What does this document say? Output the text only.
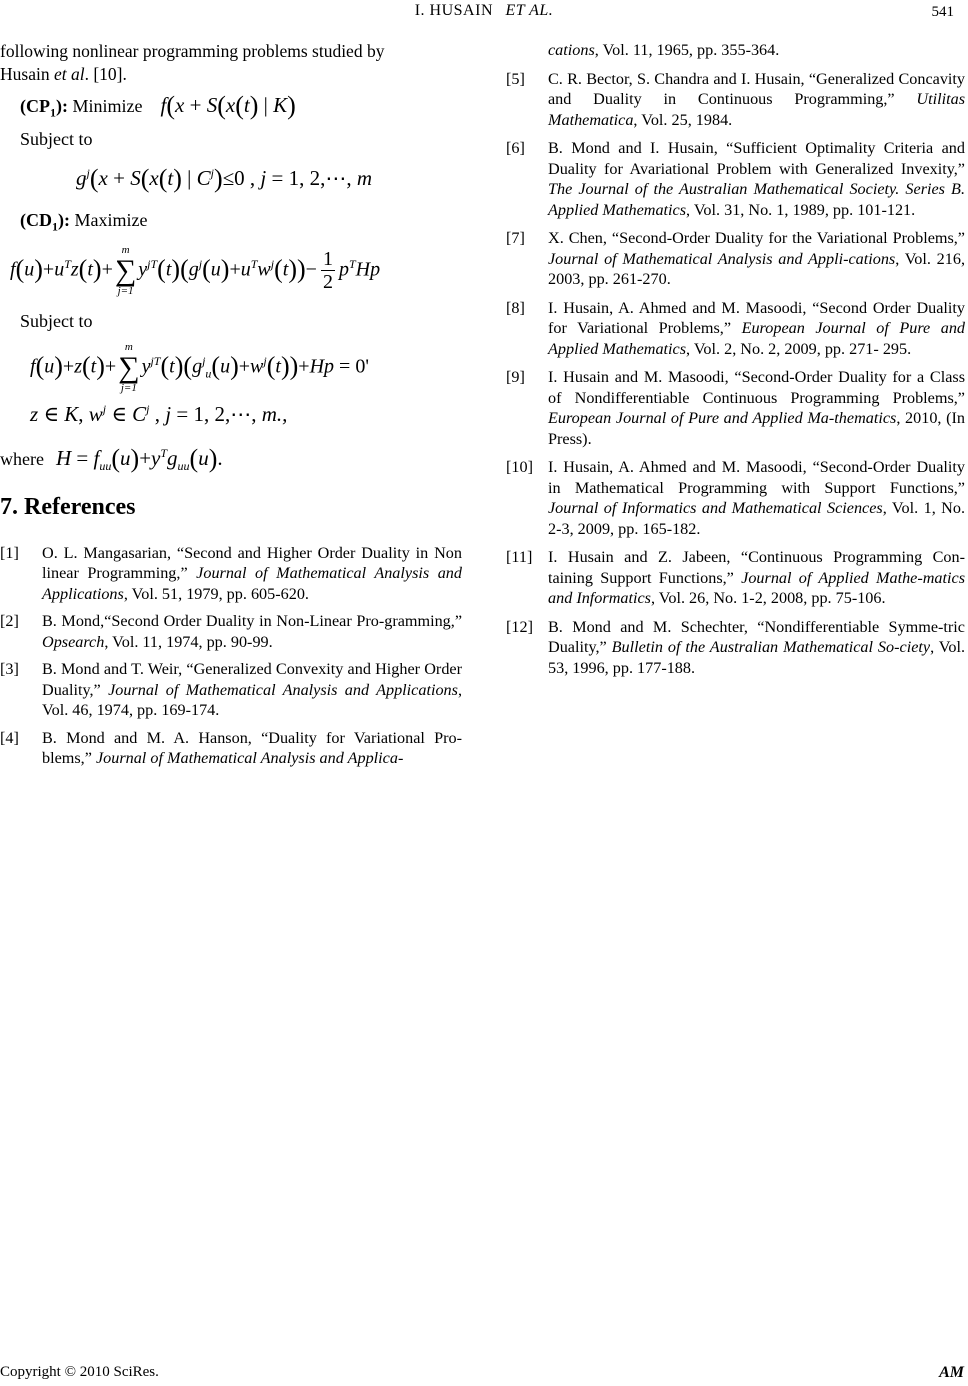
I. HUSAIN ET AL.	541

following nonlinear programming problems studied by
Husain et al. [10].

$(CP_1)$: Minimize f(x + S(x(t) | K)

Subject to

$g^j(x + S(x(t)$ | $C^j)\le 0$ , j = 1, 2,⋯, m

$(CD_1)$: Maximize

$f(u)+u^Tz(t)+$
m
∑
j=1
$y^{jT}(t)(g^j(u)+u^Tw^j(t))- \frac{1}{2} p^THp$

Subject to

f(u)+z(t)+
m
∑
j=1
$y^{jT}(t)(g^j_u(u)+w^j(t))+Hp = 0'$
z ∈ K, $w^j$ ∈ $C^j$ , j = 1, 2,⋯, m.,
where $H = f_{uu}(u)+y^Tg_{uu}(u)$.

7. References

[1] O. L. Mangasarian, “Second and Higher Order Duality in Non linear Programming,” Journal of Mathematical Analysis and Applications, Vol. 51, 1979, pp. 605-620.

[2] B. Mond,“Second Order Duality in Non-Linear Pro-gramming,” Opsearch, Vol. 11, 1974, pp. 90-99.

[3] B. Mond and T. Weir, “Generalized Convexity and Higher Order Duality,” Journal of Mathematical Analysis and Applications, Vol. 46, 1974, pp. 169-174.

[4] B. Mond and M. A. Hanson, “Duality for Variational Pro-blems,” Journal of Mathematical Analysis and Applica-

cations, Vol. 11, 1965, pp. 355-364.

[5] C. R. Bector, S. Chandra and I. Husain, “Generalized Concavity and Duality in Continuous Programming,” Utilitas Mathematica, Vol. 25, 1984.

[6] B. Mond and I. Husain, “Sufficient Optimality Criteria and Duality for Avariational Problem with Generalized Invexity,” The Journal of the Australian Mathematical Society. Series B. Applied Mathematics, Vol. 31, No. 1, 1989, pp. 101-121.

[7] X. Chen, “Second-Order Duality for the Variational Problems,” Journal of Mathematical Analysis and Appli-cations, Vol. 216, 2003, pp. 261-270.

[8] I. Husain, A. Ahmed and M. Masoodi, “Second Order Duality for Variational Problems,” European Journal of Pure and Applied Mathematics, Vol. 2, No. 2, 2009, pp. 271- 295.

[9] I. Husain and M. Masoodi, “Second-Order Duality for a Class of Nondifferentiable Continuous Programming Problems,” European Journal of Pure and Applied Ma-thematics, 2010, (In Press).

[10] I. Husain, A. Ahmed and M. Masoodi, “Second-Order Duality in Mathematical Programming with Support Functions,” Journal of Informatics and Mathematical Sciences, Vol. 1, No. 2-3, 2009, pp. 165-182.

[11] I. Husain and Z. Jabeen, “Continuous Programming Con-taining Support Functions,” Journal of Applied Mathe-matics and Informatics, Vol. 26, No. 1-2, 2008, pp. 75-106.

[12] B. Mond and M. Schechter, “Nondifferentiable Symme-tric Duality,” Bulletin of the Australian Mathematical So-ciety, Vol. 53, 1996, pp. 177-188.

Copyright © 2010 SciRes.	AM
